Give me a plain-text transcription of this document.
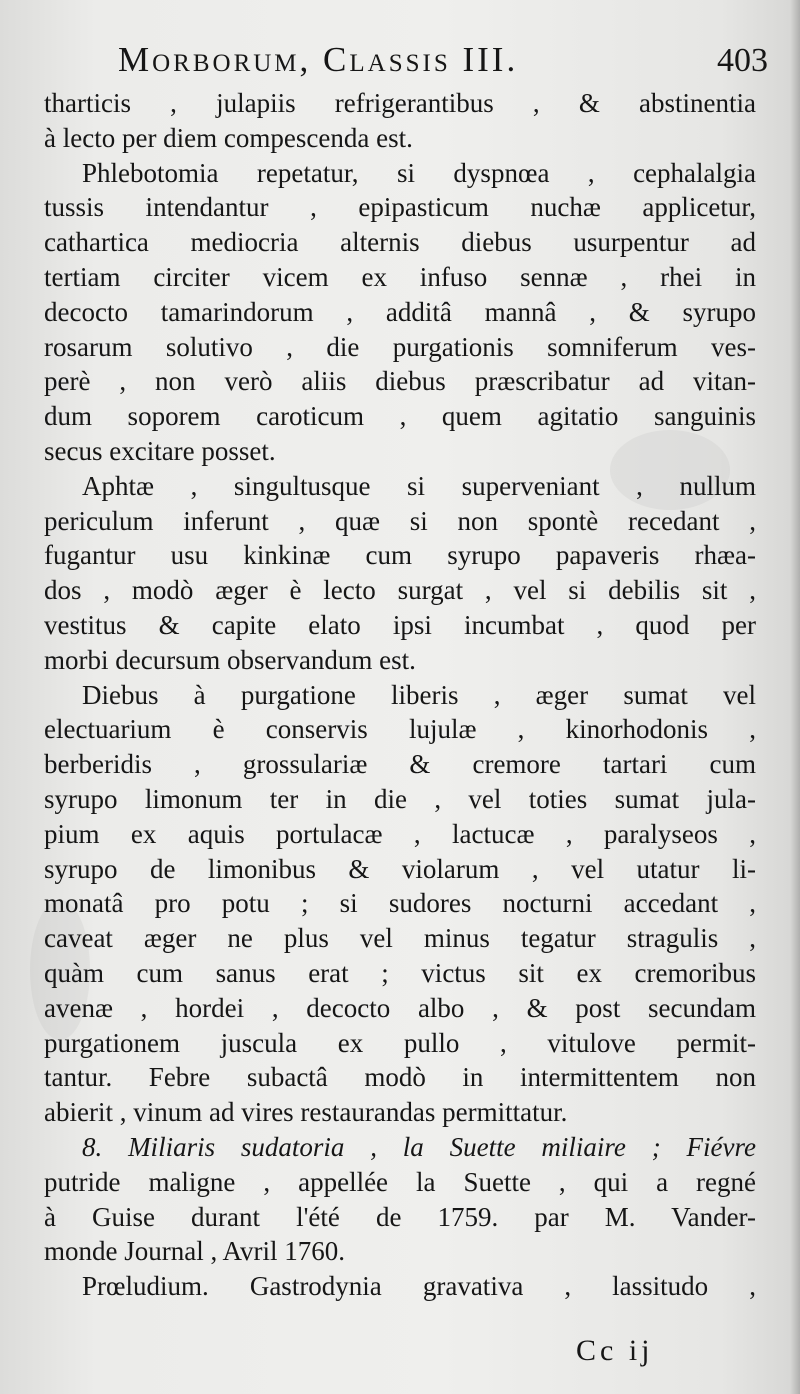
Morborum, Classis III.	403
tharticis , julapiis refrigerantibus , & abstinentia
à lecto per diem compescenda est.
Phlebotomia repetatur, si dyspnœa , cephalalgia
tussis intendantur , epipasticum nuchæ applicetur,
cathartica mediocria alternis diebus usurpentur ad
tertiam circiter vicem ex infuso sennæ , rhei in
decocto tamarindorum , additâ mannâ , & syrupo
rosarum solutivo , die purgationis somniferum ves-
perè , non verò aliis diebus præscribatur ad vitan-
dum soporem caroticum , quem agitatio sanguinis
secus excitare posset.
Aphtæ , singultusque si superveniant , nullum
periculum inferunt , quæ si non spontè recedant ,
fugantur usu kinkinæ cum syrupo papaveris rhæa-
dos , modò æger è lecto surgat , vel si debilis sit ,
vestitus & capite elato ipsi incumbat , quod per
morbi decursum observandum est.
Diebus à purgatione liberis , æger sumat vel
electuarium è conservis lujulæ , kinorhodonis ,
berberidis , grossulariæ & cremore tartari cum
syrupo limonum ter in die , vel toties sumat jula-
pium ex aquis portulacæ , lactucæ , paralyseos ,
syrupo de limonibus & violarum , vel utatur li-
monatâ pro potu ; si sudores nocturni accedant ,
caveat æger ne plus vel minus tegatur stragulis ,
quàm cum sanus erat ; victus sit ex cremoribus
avenæ , hordei , decocto albo , & post secundam
purgationem juscula ex pullo , vitulove permit-
tantur. Febre subactâ modò in intermittentem non
abierit , vinum ad vires restaurandas permittatur.
8. Miliaris sudatoria , la Suette miliaire ; Fiévre
putride maligne , appellée la Suette , qui a regné
à Guise durant l'été de 1759. par M. Vander-
monde Journal , Avril 1760.
Prœludium. Gastrodynia gravativa , lassitudo ,
Cc ij
